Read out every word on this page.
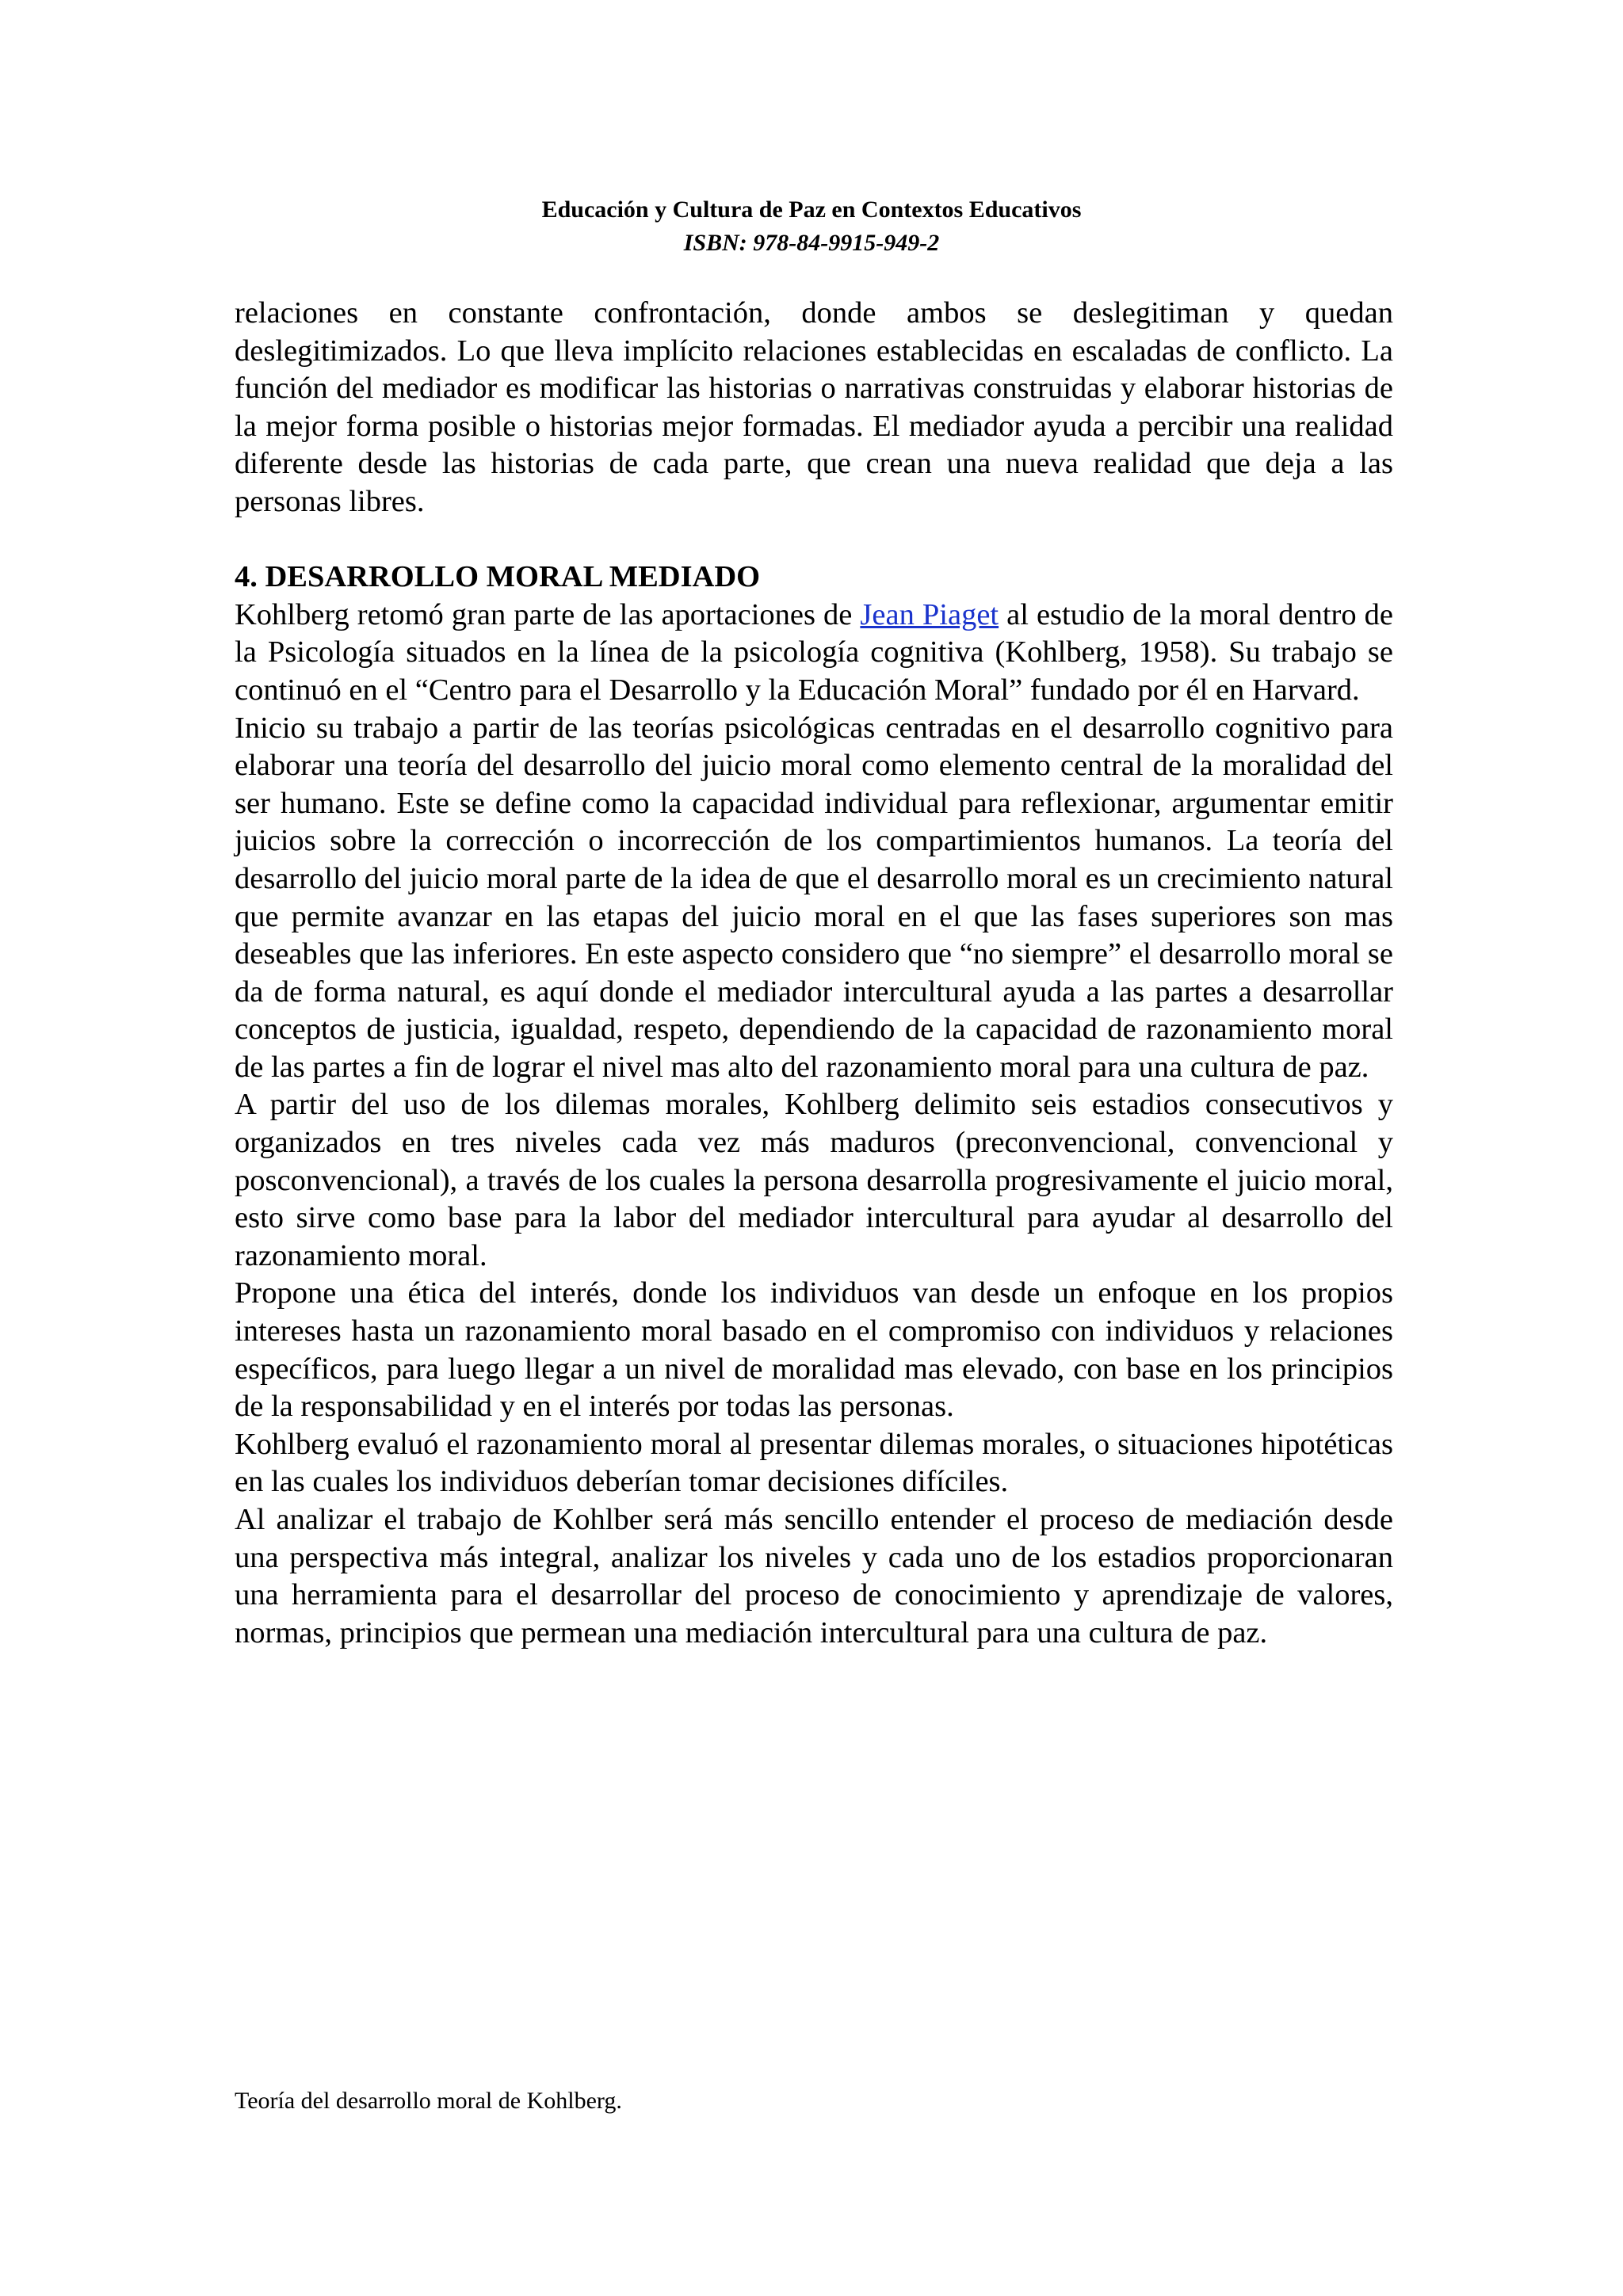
Educación y Cultura de Paz en Contextos Educativos
ISBN: 978-84-9915-949-2

relaciones en constante confrontación, donde ambos se deslegitiman y quedan deslegitimizados. Lo que lleva implícito relaciones establecidas en escaladas de conflicto. La función del mediador es modificar las historias o narrativas construidas y elaborar historias de la mejor forma posible o historias mejor formadas. El mediador ayuda a percibir una realidad diferente desde las historias de cada parte, que crean una nueva realidad que deja a las personas libres.

4. DESARROLLO MORAL MEDIADO

Kohlberg retomó gran parte de las aportaciones de Jean Piaget al estudio de la moral dentro de la Psicología situados en la línea de la psicología cognitiva (Kohlberg, 1958). Su trabajo se continuó en el “Centro para el Desarrollo y la Educación Moral” fundado por él en Harvard.

Inicio su trabajo a partir de las teorías psicológicas centradas en el desarrollo cognitivo para elaborar una teoría del desarrollo del juicio moral como elemento central de la moralidad del ser humano. Este se define como la capacidad individual para reflexionar, argumentar emitir juicios sobre la corrección o incorrección de los compartimientos humanos. La teoría del desarrollo del juicio moral parte de la idea de que el desarrollo moral es un crecimiento natural que permite avanzar en las etapas del juicio moral en el que las fases superiores son mas deseables que las inferiores. En este aspecto considero que “no siempre” el desarrollo moral se da de forma natural, es aquí donde el mediador intercultural ayuda a las partes a desarrollar conceptos de justicia, igualdad, respeto, dependiendo de la capacidad de razonamiento moral de las partes a fin de lograr el nivel mas alto del razonamiento moral para una cultura de paz.

A partir del uso de los dilemas morales, Kohlberg delimito seis estadios consecutivos y organizados en tres niveles cada vez más maduros (preconvencional, convencional y posconvencional), a través de los cuales la persona desarrolla progresivamente el juicio moral, esto sirve como base para la labor del mediador intercultural para ayudar al desarrollo del razonamiento moral.

Propone una ética del interés, donde los individuos van desde un enfoque en los propios intereses hasta un razonamiento moral basado en el compromiso con individuos y relaciones específicos, para luego llegar a un nivel de moralidad mas elevado, con base en los principios de la responsabilidad y en el interés por todas las personas.

Kohlberg evaluó el razonamiento moral al presentar dilemas morales, o situaciones hipotéticas en las cuales los individuos deberían tomar decisiones difíciles.

Al analizar el trabajo de Kohlber será más sencillo entender el proceso de mediación desde una perspectiva más integral, analizar los niveles y cada uno de los estadios proporcionaran una herramienta para el desarrollar del proceso de conocimiento y aprendizaje de valores, normas, principios que permean una mediación intercultural para una cultura de paz.

Teoría del desarrollo moral de Kohlberg.
